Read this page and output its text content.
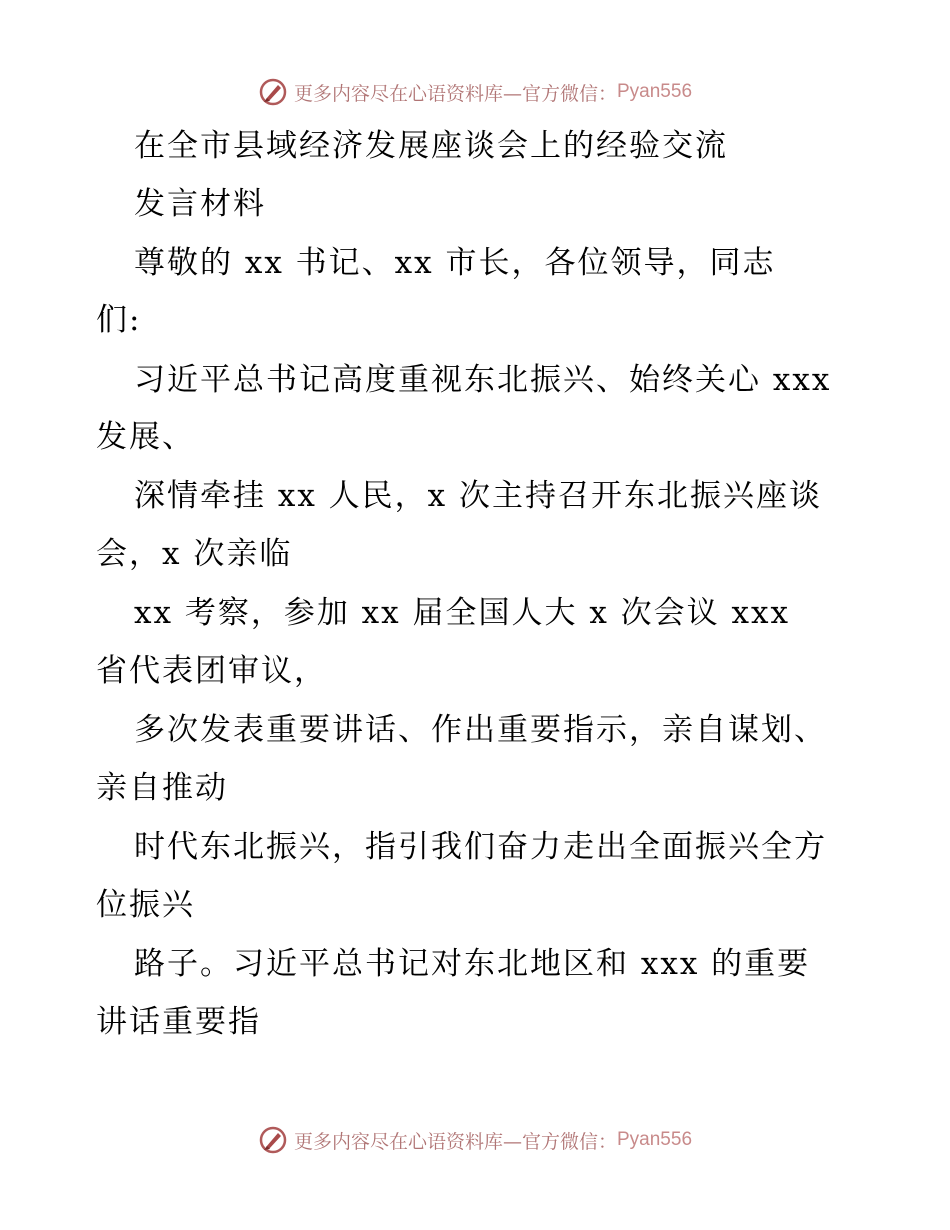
更多内容尽在心语资料库—官方微信： Pyan556
在全市县域经济发展座谈会上的经验交流
发言材料
尊敬的 xx 书记、xx 市长，各位领导，同志
们:
习近平总书记高度重视东北振兴、始终关心 xxx
发展、
深情牵挂 xx 人民，x 次主持召开东北振兴座谈
会，x 次亲临
xx 考察，参加 xx 届全国人大 x 次会议 xxx
省代表团审议，
多次发表重要讲话、作出重要指示，亲自谋划、
亲自推动
时代东北振兴，指引我们奋力走出全面振兴全方
位振兴
路子。习近平总书记对东北地区和 xxx 的重要
讲话重要指
更多内容尽在心语资料库—官方微信： Pyan556
